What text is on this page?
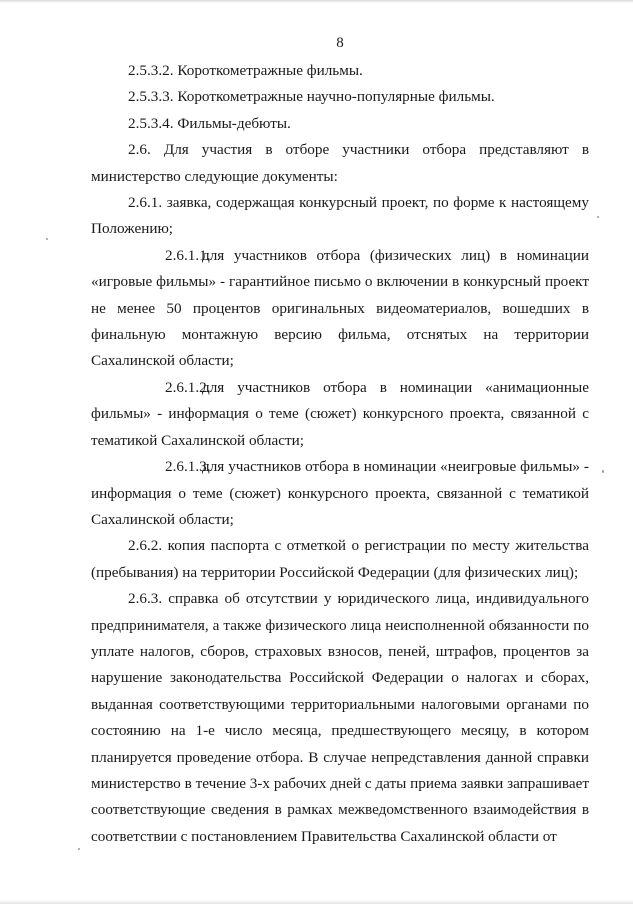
8

2.5.3.2. Короткометражные фильмы.

2.5.3.3. Короткометражные научно-популярные фильмы.

2.5.3.4. Фильмы-дебюты.

2.6. Для участия в отборе участники отбора представляют в министерство следующие документы:

2.6.1. заявка, содержащая конкурсный проект, по форме к настоящему Положению;

2.6.1.1.для участников отбора (физических лиц) в номинации «игровые фильмы» - гарантийное письмо о включении в конкурсный проект не менее 50 процентов оригинальных видеоматериалов, вошедших в финальную монтажную версию фильма, отснятых на территории Сахалинской области;

2.6.1.2.для участников отбора в номинации «анимационные фильмы» - информация о теме (сюжет) конкурсного проекта, связанной с тематикой Сахалинской области;

2.6.1.3.для участников отбора в номинации «неигровые фильмы» - информация о теме (сюжет) конкурсного проекта, связанной с тематикой Сахалинской области;

2.6.2. копия паспорта с отметкой о регистрации по месту жительства (пребывания) на территории Российской Федерации (для физических лиц);

2.6.3. справка об отсутствии у юридического лица, индивидуального предпринимателя, а также физического лица неисполненной обязанности по уплате налогов, сборов, страховых взносов, пеней, штрафов, процентов за нарушение законодательства Российской Федерации о налогах и сборах, выданная соответствующими территориальными налоговыми органами по состоянию на 1-е число месяца, предшествующего месяцу, в котором планируется проведение отбора. В случае непредставления данной справки министерство в течение 3-х рабочих дней с даты приема заявки запрашивает соответствующие сведения в рамках межведомственного взаимодействия в соответствии с постановлением Правительства Сахалинской области от
